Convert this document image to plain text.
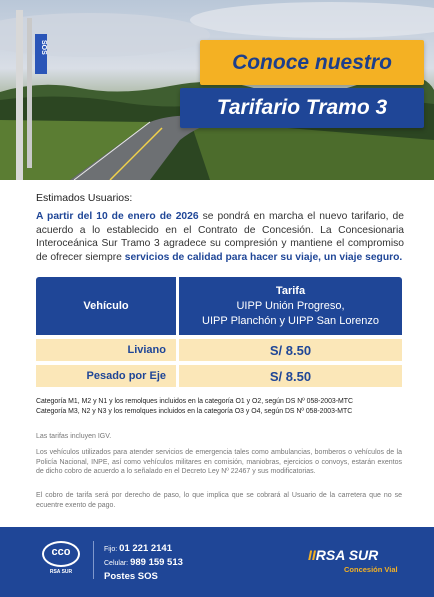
SOS
Conoce nuestro
Tarifario Tramo 3
Estimados Usuarios:
A partir del 10 de enero de 2026 se pondrá en marcha el nuevo tarifario, de acuerdo a lo establecido en el Contrato de Concesión. La Concesionaria Interoceánica Sur Tramo 3 agradece su compresión y mantiene el compromiso de ofrecer siempre servicios de calidad para hacer su viaje, un viaje seguro.
Vehículo
Tarifa
UIPP Unión Progreso,
UIPP Planchón y UIPP San Lorenzo
Liviano	S/ 8.50
Pesado por Eje	S/ 8.50
Categoría M1, M2 y N1 y los remolques incluidos en la categoría O1 y O2, según DS Nº 058-2003-MTC
Categoría M3, N2 y N3 y los remolques incluidos en la categoría O3 y O4, según DS Nº 058-2003-MTC
Las tarifas incluyen IGV.
Los vehículos utilizados para atender servicios de emergencia tales como ambulancias, bomberos o vehículos de la Policía Nacional, INPE, así como vehículos militares en comisión, maniobras, ejercicios o convoys, estarán exentos de dicho cobro de acuerdo a lo señalado en el Decreto Ley Nº 22467 y sus modificatorias.
El cobro de tarifa será por derecho de paso, lo que implica que se cobrará al Usuario de la carretera que no se ecuentre exento de pago.
cco
RSA SUR
Fijo: 01 221 2141
Celular: 989 159 513
Postes SOS
IIRSA SUR
Concesión Vial
